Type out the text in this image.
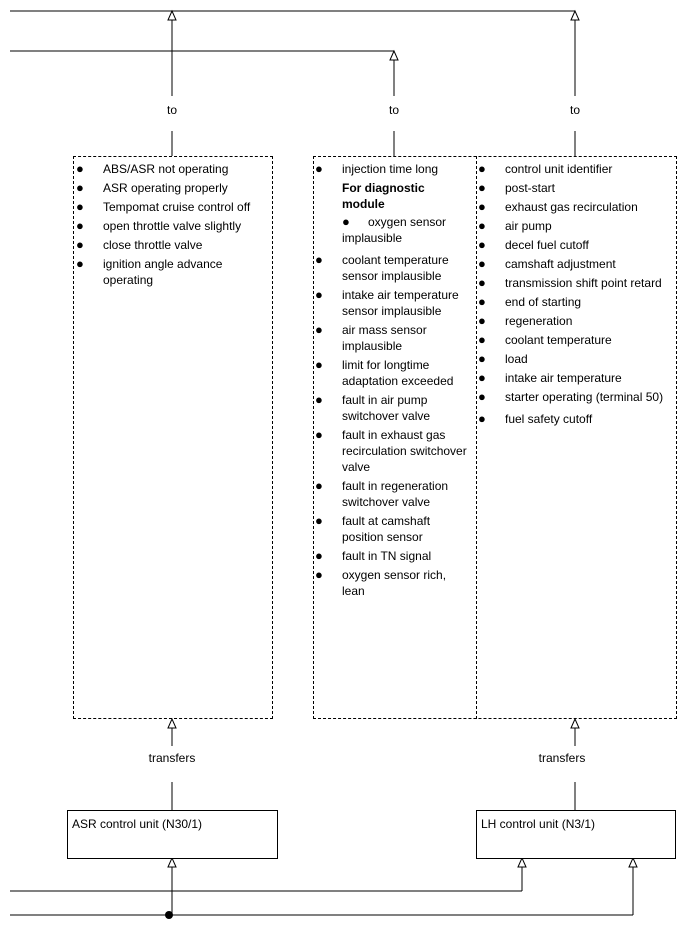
to	to	to
● ABS/ASR not operating
● ASR operating properly
● Tempomat cruise control off
● open throttle valve slightly
● close throttle valve
● ignition angle advance operating
● injection time long
For diagnostic module
● oxygen sensor implausible
● coolant temperature sensor implausible
● intake air temperature sensor implausible
● air mass sensor implausible
● limit for longtime adaptation exceeded
● fault in air pump switchover valve
● fault in exhaust gas recirculation switchover valve
● fault in regeneration switchover valve
● fault at camshaft position sensor
● fault in TN signal
● oxygen sensor rich, lean
● control unit identifier
● post-start
● exhaust gas recirculation
● air pump
● decel fuel cutoff
● camshaft adjustment
● transmission shift point retard
● end of starting
● regeneration
● coolant temperature
● load
● intake air temperature
● starter operating (terminal 50)
● fuel safety cutoff
transfers	transfers
ASR control unit (N30/1)	LH control unit (N3/1)
